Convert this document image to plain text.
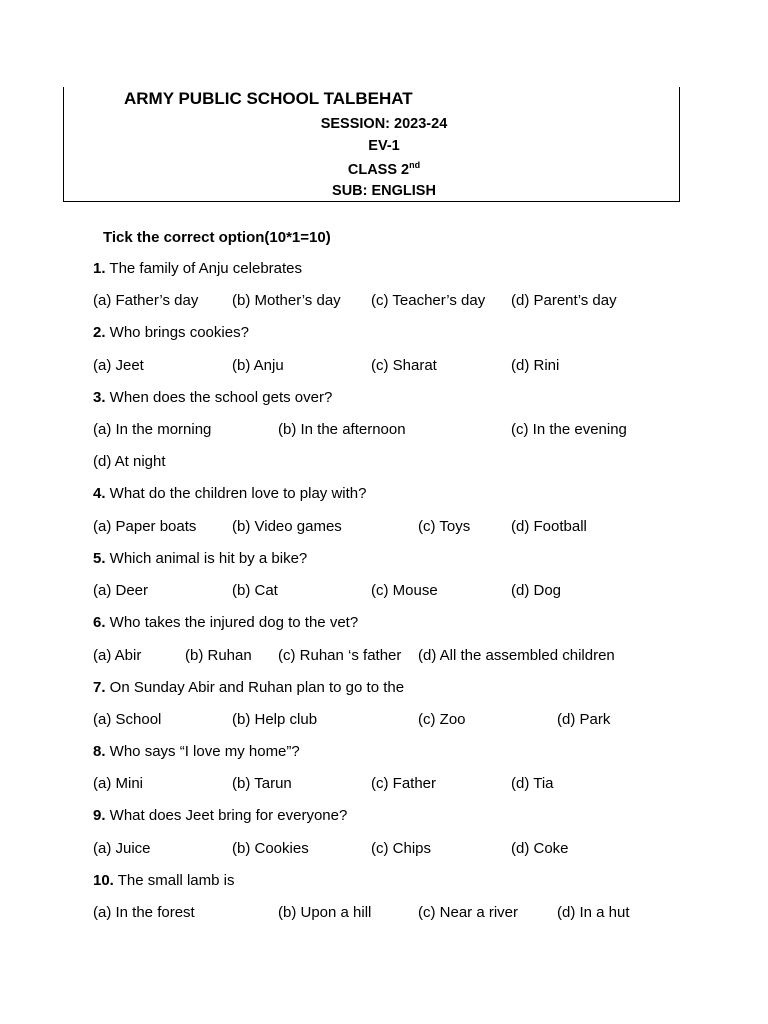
ARMY PUBLIC SCHOOL TALBEHAT
SESSION: 2023-24
EV-1
CLASS 2nd
SUB: ENGLISH
Tick the correct option(10*1=10)
1. The family of Anju celebrates
(a) Father’s day (b) Mother’s day (c) Teacher’s day (d) Parent’s day
2. Who brings cookies?
(a) Jeet	(b) Anju	(c) Sharat	(d) Rini
3. When does the school gets over?
(a) In the morning	(b) In the afternoon	(c) In the evening
(d) At night
4. What do the children love to play with?
(a) Paper boats (b) Video games	(c) Toys	(d) Football
5. Which animal is hit by a bike?
(a) Deer	(b) Cat	(c) Mouse	(d) Dog
6. Who takes the injured dog to the vet?
(a) Abir	(b) Ruhan (c) Ruhan ‘s father (d) All the assembled children
7. On Sunday Abir and Ruhan plan to go to the
(a) School	(b) Help club	(c) Zoo	(d) Park
8. Who says “I love my home”?
(a) Mini	(b) Tarun	(c) Father	(d) Tia
9. What does Jeet bring for everyone?
(a) Juice	(b) Cookies	(c) Chips	(d) Coke
10. The small lamb is
(a) In the forest	(b) Upon a hill	(c) Near a river	(d) In a hut
